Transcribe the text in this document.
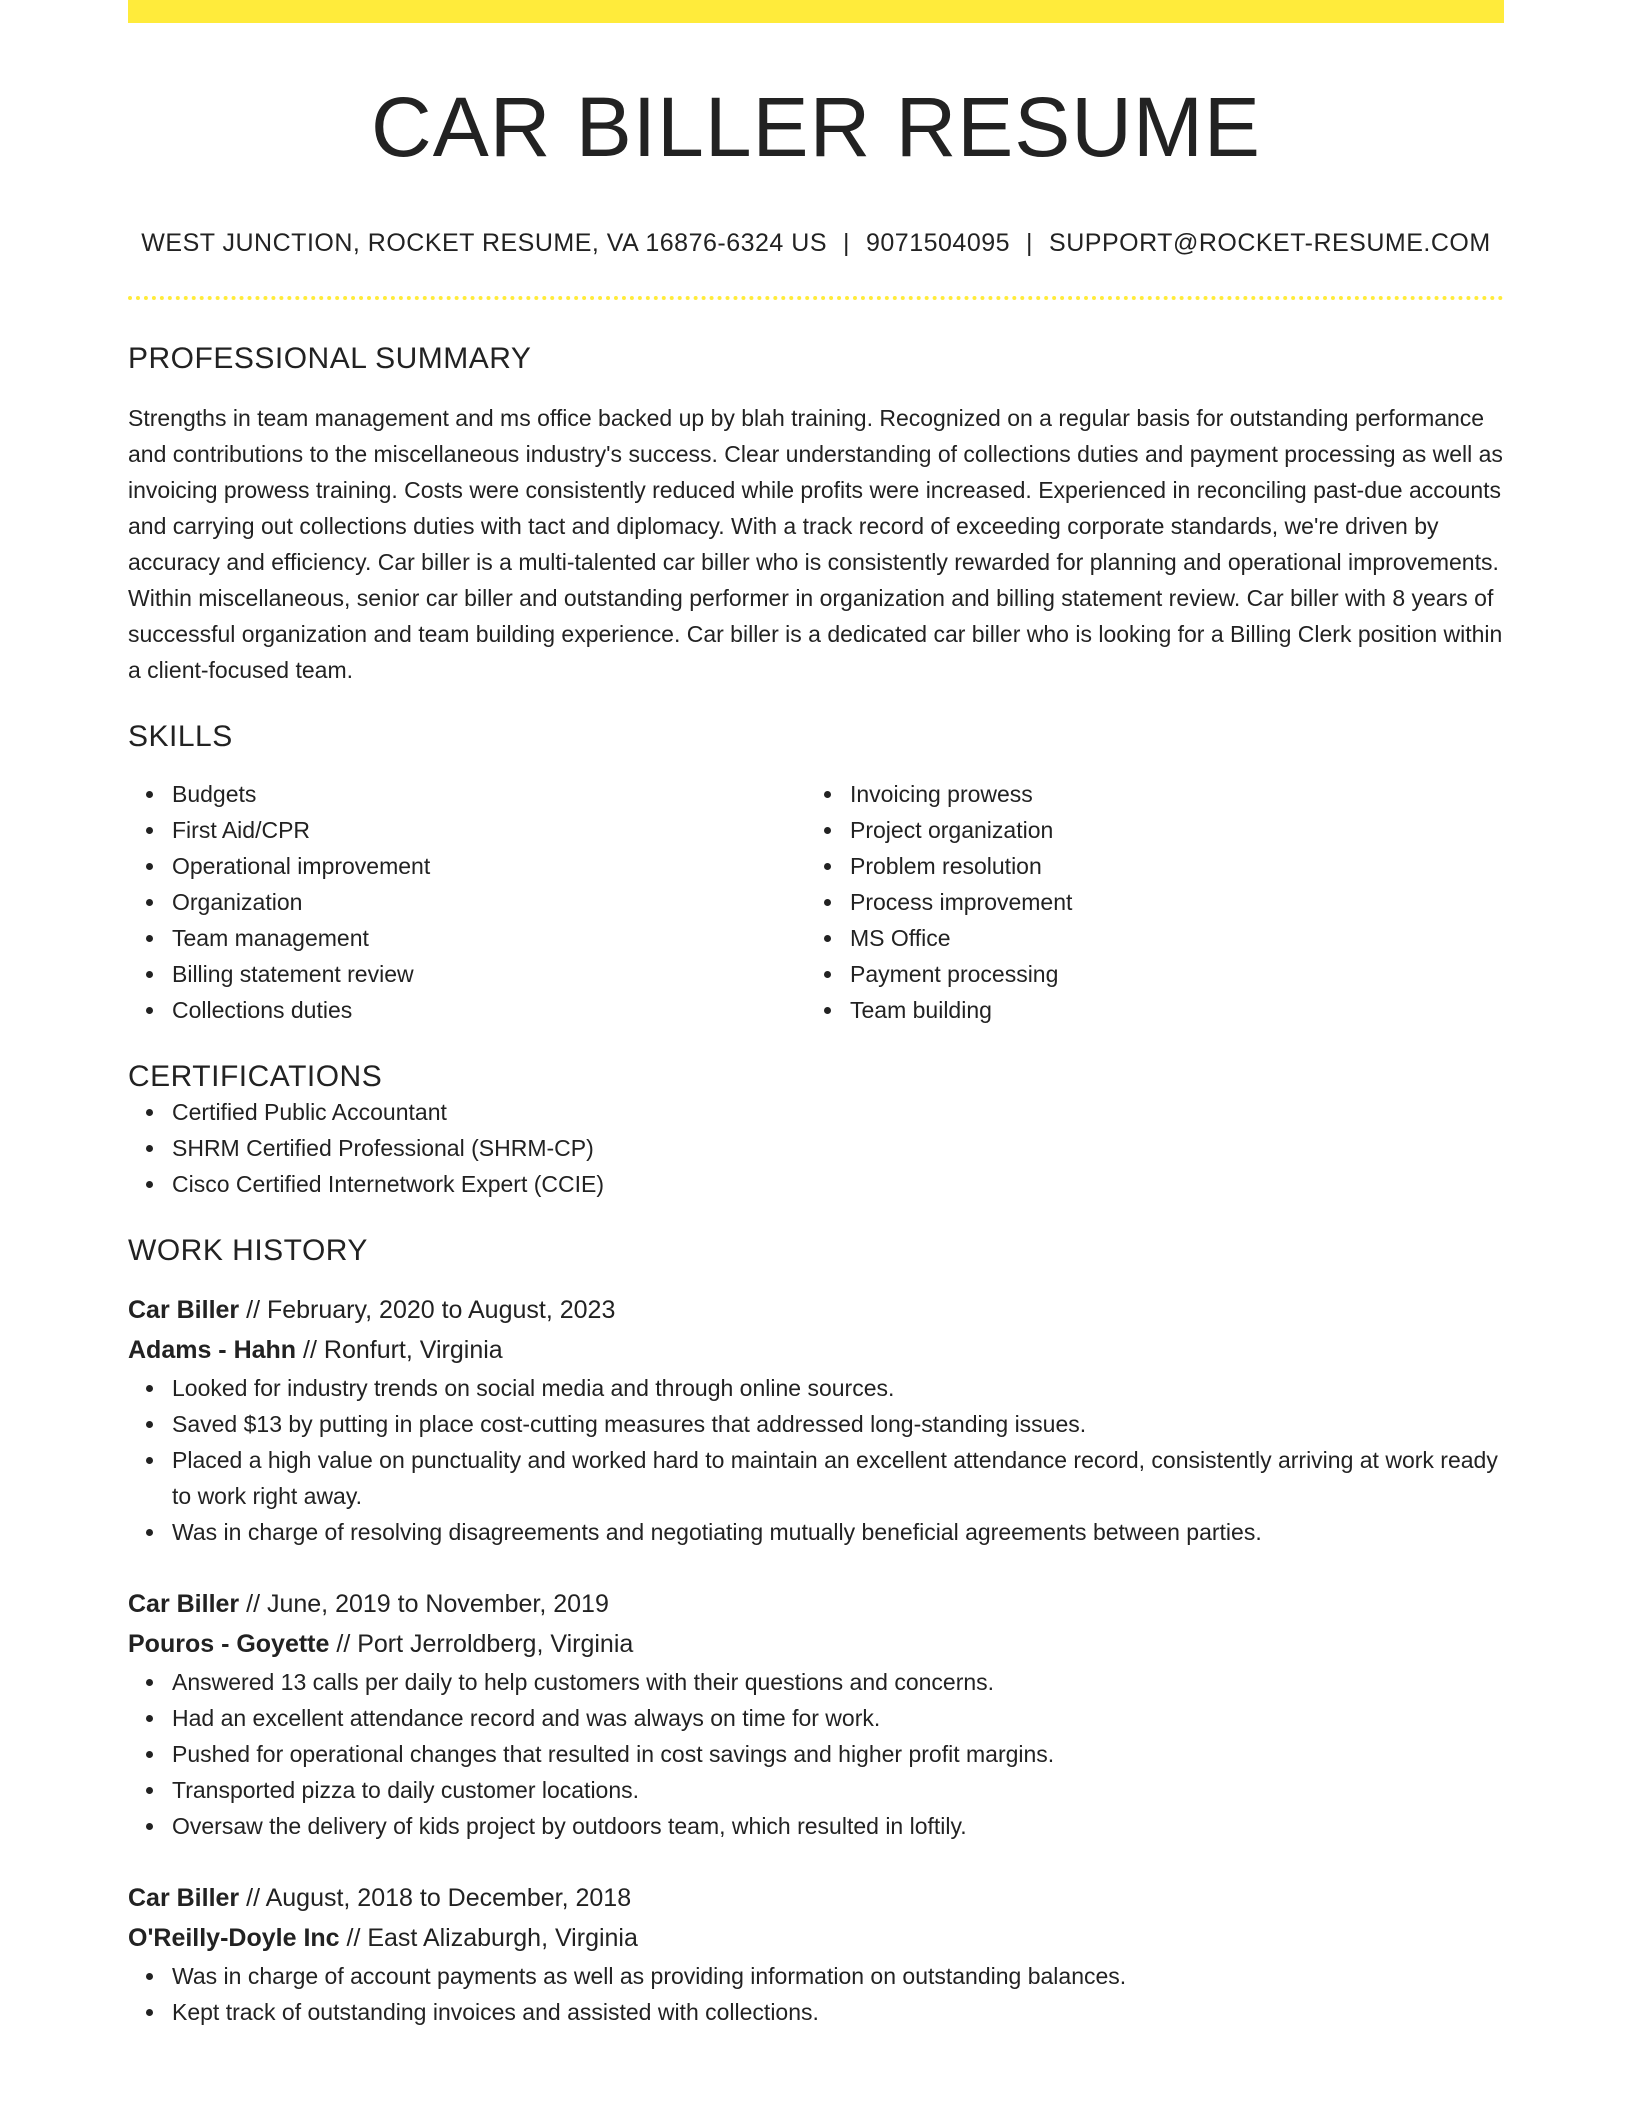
CAR BILLER RESUME
WEST JUNCTION, ROCKET RESUME, VA 16876-6324 US | 9071504095 | SUPPORT@ROCKET-RESUME.COM
PROFESSIONAL SUMMARY

Strengths in team management and ms office backed up by blah training. Recognized on a regular basis for outstanding performance and contributions to the miscellaneous industry's success. Clear understanding of collections duties and payment processing as well as invoicing prowess training. Costs were consistently reduced while profits were increased. Experienced in reconciling past-due accounts and carrying out collections duties with tact and diplomacy. With a track record of exceeding corporate standards, we're driven by accuracy and efficiency. Car biller is a multi-talented car biller who is consistently rewarded for planning and operational improvements. Within miscellaneous, senior car biller and outstanding performer in organization and billing statement review. Car biller with 8 years of successful organization and team building experience. Car biller is a dedicated car biller who is looking for a Billing Clerk position within a client-focused team.

SKILLS
Budgets
First Aid/CPR
Operational improvement
Organization
Team management
Billing statement review
Collections duties
Invoicing prowess
Project organization
Problem resolution
Process improvement
MS Office
Payment processing
Team building
CERTIFICATIONS
Certified Public Accountant
SHRM Certified Professional (SHRM-CP)
Cisco Certified Internetwork Expert (CCIE)
WORK HISTORY
Car Biller // February, 2020 to August, 2023
Adams - Hahn // Ronfurt, Virginia
Looked for industry trends on social media and through online sources.
Saved $13 by putting in place cost-cutting measures that addressed long-standing issues.
Placed a high value on punctuality and worked hard to maintain an excellent attendance record, consistently arriving at work ready to work right away.
Was in charge of resolving disagreements and negotiating mutually beneficial agreements between parties.
Car Biller // June, 2019 to November, 2019
Pouros - Goyette // Port Jerroldberg, Virginia
Answered 13 calls per daily to help customers with their questions and concerns.
Had an excellent attendance record and was always on time for work.
Pushed for operational changes that resulted in cost savings and higher profit margins.
Transported pizza to daily customer locations.
Oversaw the delivery of kids project by outdoors team, which resulted in loftily.
Car Biller // August, 2018 to December, 2018
O'Reilly-Doyle Inc // East Alizaburgh, Virginia
Was in charge of account payments as well as providing information on outstanding balances.
Kept track of outstanding invoices and assisted with collections.
